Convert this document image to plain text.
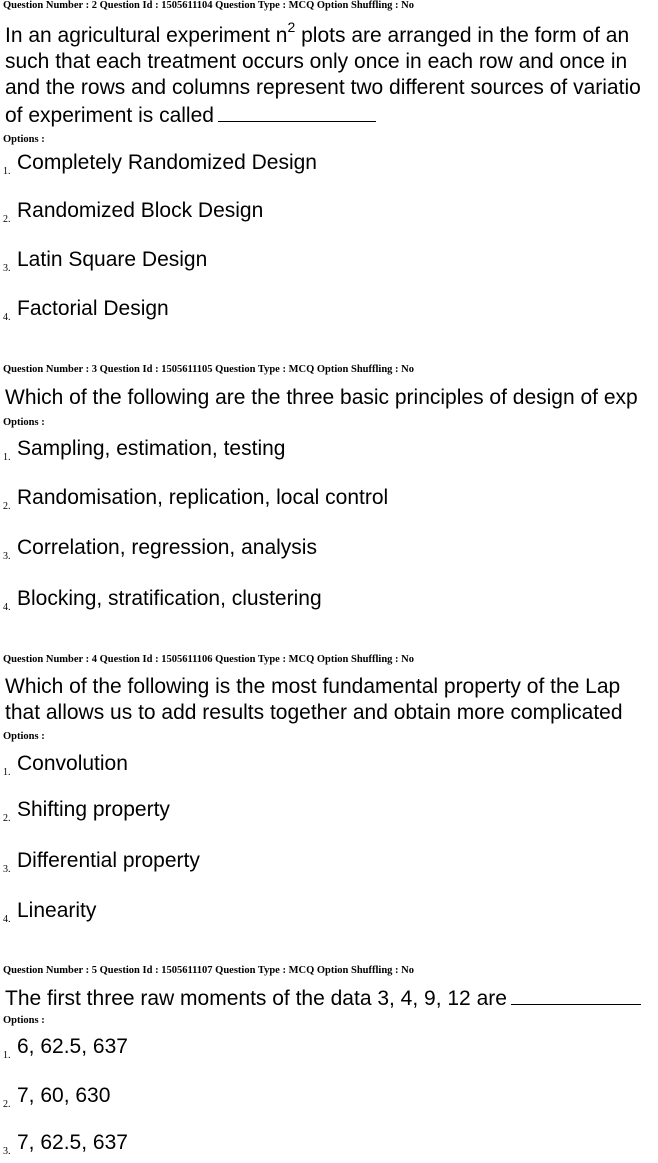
Question Number : 2 Question Id : 1505611104 Question Type : MCQ Option Shuffling : No
In an agricultural experiment $n^2$ plots are arranged in the form of an
such that each treatment occurs only once in each row and once in
and the rows and columns represent two different sources of variatio
of experiment is called
Options :
1. Completely Randomized Design
2. Randomized Block Design
3. Latin Square Design
4. Factorial Design
Question Number : 3 Question Id : 1505611105 Question Type : MCQ Option Shuffling : No
Which of the following are the three basic principles of design of exp
Options :
1. Sampling, estimation, testing
2. Randomisation, replication, local control
3. Correlation, regression, analysis
4. Blocking, stratification, clustering
Question Number : 4 Question Id : 1505611106 Question Type : MCQ Option Shuffling : No
Which of the following is the most fundamental property of the Lap
that allows us to add results together and obtain more complicated
Options :
1. Convolution
2. Shifting property
3. Differential property
4. Linearity
Question Number : 5 Question Id : 1505611107 Question Type : MCQ Option Shuffling : No
The first three raw moments of the data 3, 4, 9, 12 are
Options :
1. 6, 62.5, 637
2. 7, 60, 630
3. 7, 62.5, 637
